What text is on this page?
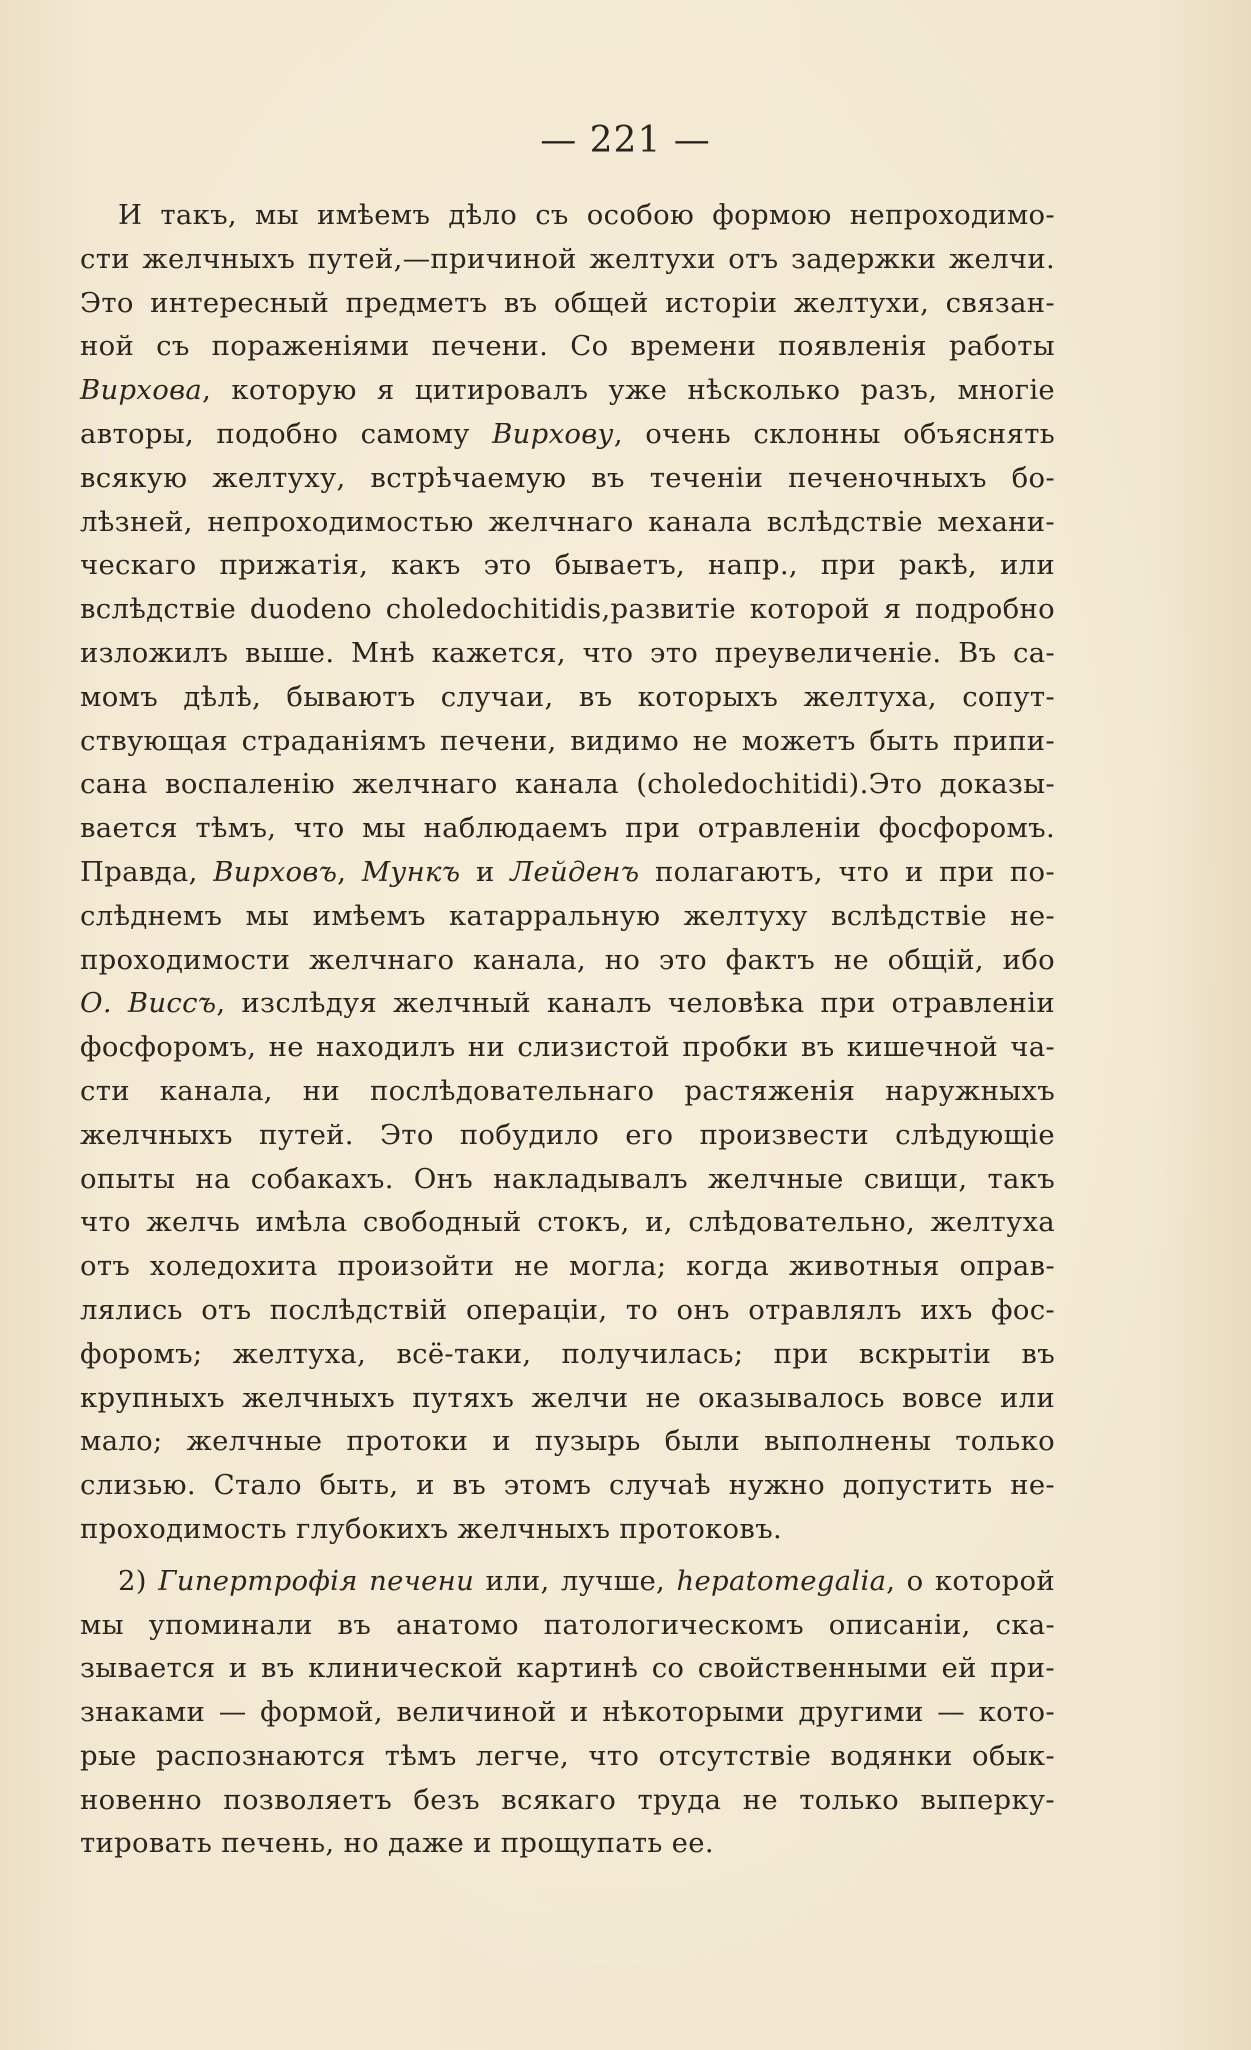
— 221 —
И такъ, мы имѣемъ дѣло съ особою формою непроходимо-
сти желчныхъ путей,—причиной желтухи отъ задержки желчи.
Это интересный предметъ въ общей исторіи желтухи, связан-
ной съ пораженіями печени. Со времени появленія работы
Вирхова, которую я цитировалъ уже нѣсколько разъ, многіе
авторы, подобно самому Вирхову, очень склонны объяснять
всякую желтуху, встрѣчаемую въ теченіи печеночныхъ бо-
лѣзней, непроходимостью желчнаго канала вслѣдствіе механи-
ческаго прижатія, какъ это бываетъ, напр., при ракѣ, или
вслѣдствіе duodeno choledochitidis,развитіе которой я подробно
изложилъ выше. Мнѣ кажется, что это преувеличеніе. Въ са-
момъ дѣлѣ, бываютъ случаи, въ которыхъ желтуха, сопут-
ствующая страданіямъ печени, видимо не можетъ быть припи-
сана воспаленію желчнаго канала (choledochitidi).Это доказы-
вается тѣмъ, что мы наблюдаемъ при отравленіи фосфоромъ.
Правда, Вирховъ, Мункъ и Лейденъ полагаютъ, что и при по-
слѣднемъ мы имѣемъ катарральную желтуху вслѣдствіе не-
проходимости желчнаго канала, но это фактъ не общій, ибо
О. Виссъ, изслѣдуя желчный каналъ человѣка при отравленіи
фосфоромъ, не находилъ ни слизистой пробки въ кишечной ча-
сти канала, ни послѣдовательнаго растяженія наружныхъ
желчныхъ путей. Это побудило его произвести слѣдующіе
опыты на собакахъ. Онъ накладывалъ желчные свищи, такъ
что желчь имѣла свободный стокъ, и, слѣдовательно, желтуха
отъ холедохита произойти не могла; когда животныя оправ-
лялись отъ послѣдствій операціи, то онъ отравлялъ ихъ фос-
форомъ; желтуха, всё-таки, получилась; при вскрытіи въ
крупныхъ желчныхъ путяхъ желчи не оказывалось вовсе или
мало; желчные протоки и пузырь были выполнены только
слизью. Стало быть, и въ этомъ случаѣ нужно допустить не-
проходимость глубокихъ желчныхъ протоковъ.
2) Гипертрофія печени или, лучше, hepatomegalia, о которой
мы упоминали въ анатомо патологическомъ описаніи, ска-
зывается и въ клинической картинѣ со свойственными ей при-
знаками — формой, величиной и нѣкоторыми другими — кото-
рые распознаются тѣмъ легче, что отсутствіе водянки обык-
новенно позволяетъ безъ всякаго труда не только выперку-
тировать печень, но даже и прощупать ее.
